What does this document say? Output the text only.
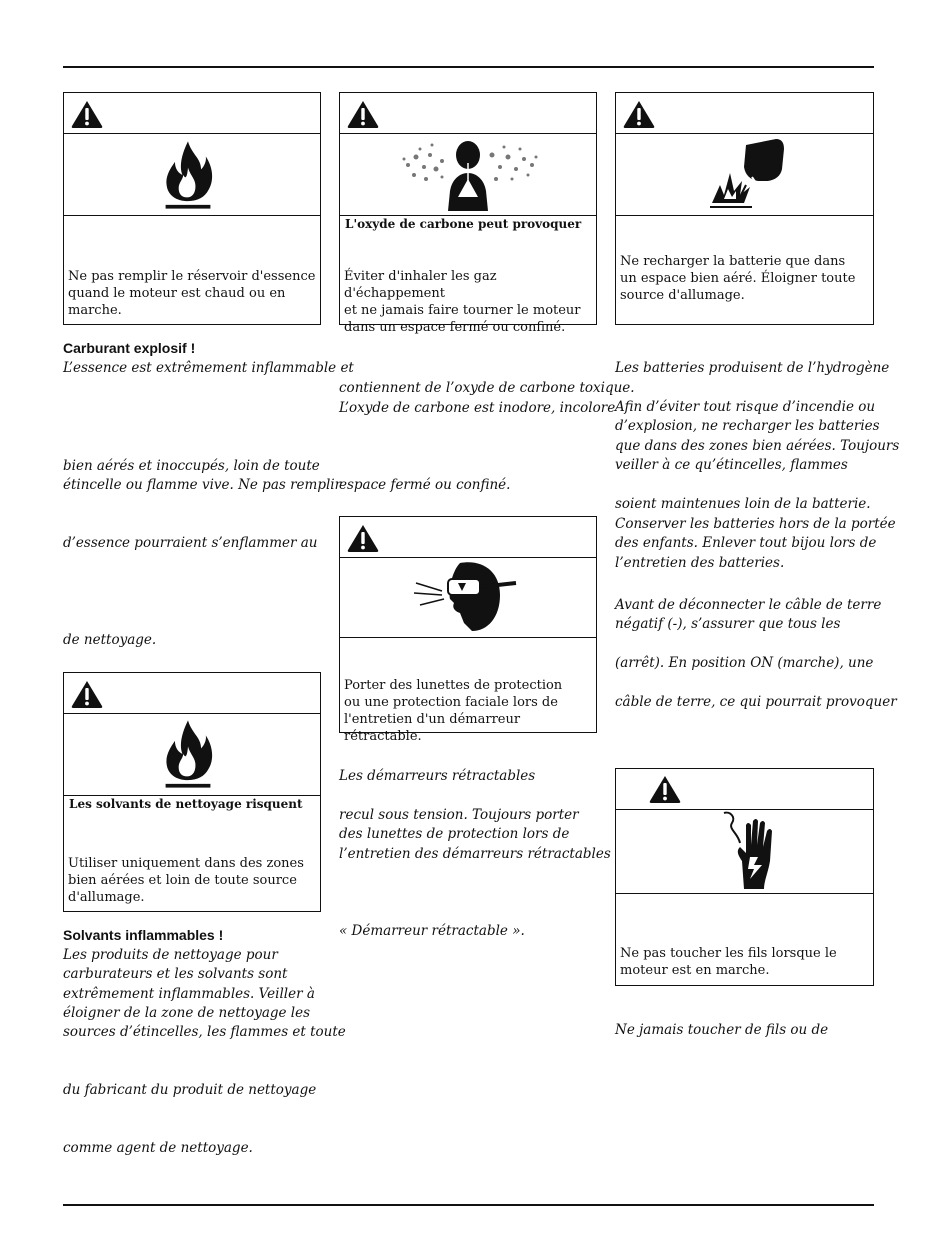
Ne pas remplir le réservoir d'essence
quand le moteur est chaud ou en
marche.
L'oxyde de carbone peut provoquer
Éviter d'inhaler les gaz d'échappement
et ne jamais faire tourner le moteur
dans un espace fermé ou confiné.
Ne recharger la batterie que dans
un espace bien aéré. Éloigner toute
source d'allumage.
Porter des lunettes de protection
ou une protection faciale lors de
l'entretien d'un démarreur rétractable.
Les solvants de nettoyage risquent
Utiliser uniquement dans des zones
bien aérées et loin de toute source
d'allumage.
Ne pas toucher les fils lorsque le
moteur est en marche.
Carburant explosif !
L’essence est extrêmement inflammable et
bien aérés et inoccupés, loin de toute
étincelle ou flamme vive. Ne pas remplir
d’essence pourraient s’enflammer au
de nettoyage.
Solvants inflammables !
Les produits de nettoyage pour
carburateurs et les solvants sont
extrêmement inflammables. Veiller à
éloigner de la zone de nettoyage les
sources d’étincelles, les flammes et toute
du fabricant du produit de nettoyage
comme agent de nettoyage.
contiennent de l’oxyde de carbone toxique.
L’oxyde de carbone est inodore, incolore
espace fermé ou confiné.
Les démarreurs rétractables
recul sous tension. Toujours porter
des lunettes de protection lors de
l’entretien des démarreurs rétractables
« Démarreur rétractable ».
Les batteries produisent de l’hydrogène
Afin d’éviter tout risque d’incendie ou
d’explosion, ne recharger les batteries
que dans des zones bien aérées. Toujours
veiller à ce qu’étincelles, flammes
soient maintenues loin de la batterie.
Conserver les batteries hors de la portée
des enfants. Enlever tout bijou lors de
l’entretien des batteries.
Avant de déconnecter le câble de terre
négatif (-), s’assurer que tous les
(arrêt). En position ON (marche), une
câble de terre, ce qui pourrait provoquer
Ne jamais toucher de fils ou de
